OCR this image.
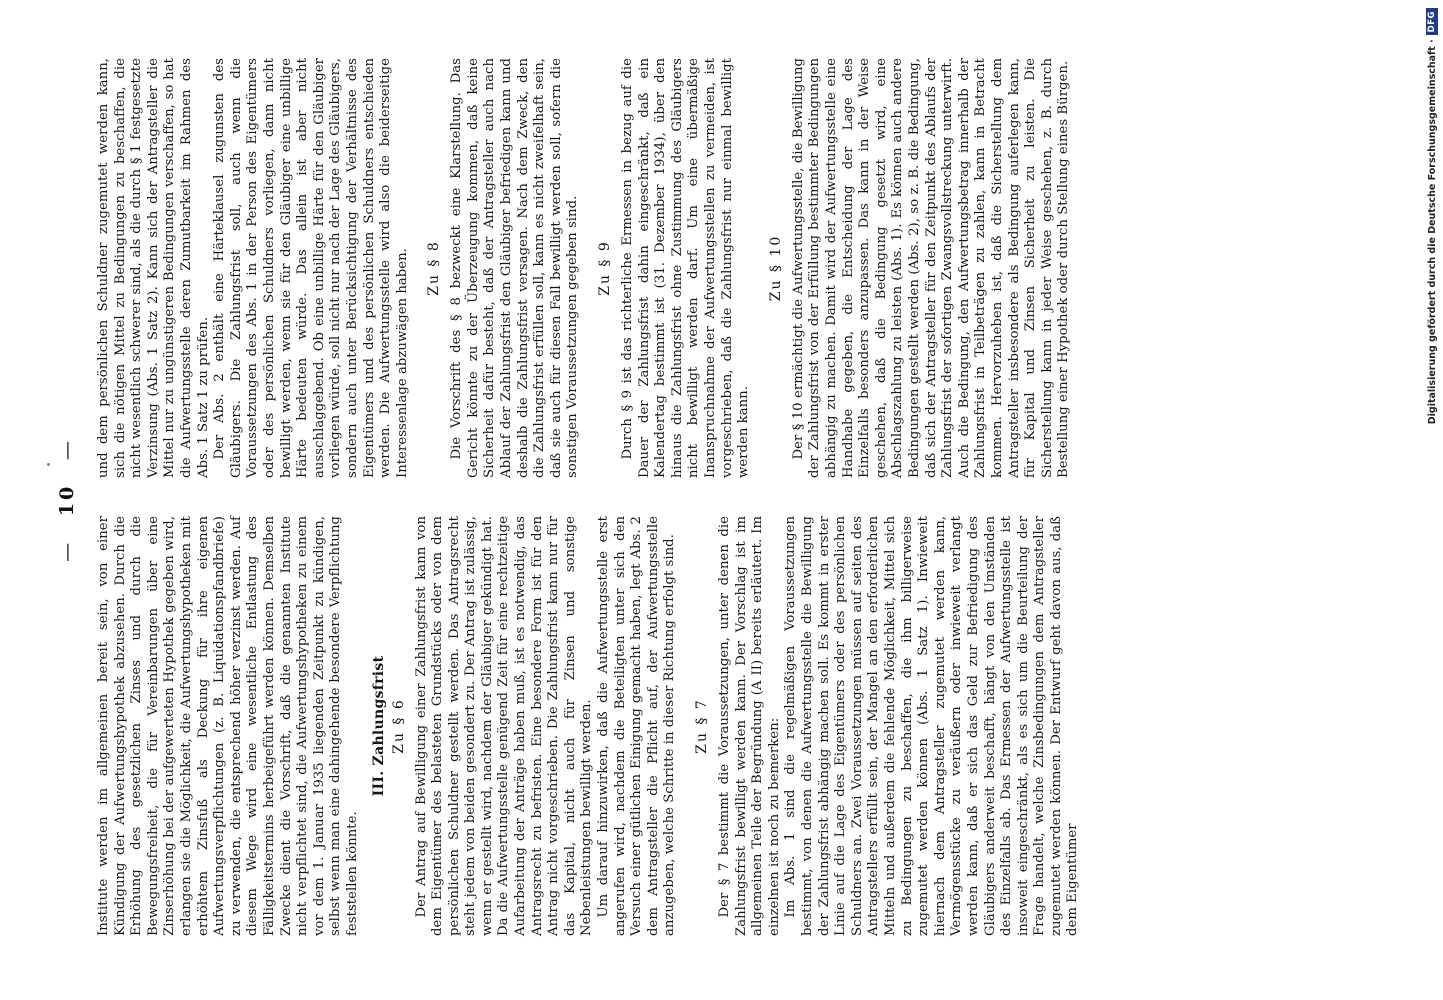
— 10 —

Institute werden im allgemeinen bereit sein, von einer Kündigung der Aufwertungshypothek abzusehen. Durch die Erhöhung des gesetzlichen Zinses und durch die Bewegungsfreiheit, die für Vereinbarungen über eine Zinserhöhung bei der aufgewerteten Hypothek gegeben wird, erlangen sie die Möglichkeit, die Aufwertungshypotheken mit erhöhtem Zinsfuß als Deckung für ihre eigenen Aufwertungsverpflichtungen (z. B. Liquidationspfandbriefe) zu verwenden, die entsprechend höher verzinst werden. Auf diesem Wege wird eine wesentliche Entlastung des Fälligkeitstermins herbeigeführt werden können. Demselben Zwecke dient die Vorschrift, daß die genannten Institute nicht verpflichtet sind, die Aufwertungshypotheken zu einem vor dem 1. Januar 1935 liegenden Zeitpunkt zu kündigen, selbst wenn man eine dahingehende besondere Verpflichtung feststellen könnte.

III. Zahlungsfrist Zu § 6 Der Antrag auf Bewilligung einer Zahlungsfrist kann von dem Eigentümer des belasteten Grundstücks oder von dem persönlichen Schuldner gestellt werden. Das Antragsrecht steht jedem von beiden gesondert zu. Der Antrag ist zulässig, wenn er gestellt wird, nachdem der Gläubiger gekündigt hat. Da die Aufwertungsstelle genügend Zeit für eine rechtzeitige Aufarbeitung der Anträge haben muß, ist es notwendig, das Antragsrecht zu befristen. Eine besondere Form ist für den Antrag nicht vorgeschrieben. Die Zahlungsfrist kann nur für das Kapital, nicht auch für Zinsen und sonstige Nebenleistungen bewilligt werden. Um darauf hinzuwirken, daß die Aufwertungsstelle erst angerufen wird, nachdem die Beteiligten unter sich den Versuch einer gütlichen Einigung gemacht haben, legt Abs. 2 dem Antragsteller die Pflicht auf, der Aufwertungsstelle anzugeben, welche Schritte in dieser Richtung erfolgt sind. Zu § 7 Der § 7 bestimmt die Voraussetzungen, unter denen die Zahlungsfrist bewilligt werden kann. Der Vorschlag ist im allgemeinen Teile der Begründung (A II) bereits erläutert. Im einzelnen ist noch zu bemerken: Im Abs. 1 sind die regelmäßigen Voraussetzungen bestimmt, von denen die Aufwertungsstelle die Bewilligung der Zahlungsfrist abhängig machen soll. Es kommt in erster Linie auf die Lage des Eigentümers oder des persönlichen Schuldners an. Zwei Voraussetzungen müssen auf seiten des Antragstellers erfüllt sein, der Mangel an den erforderlichen Mitteln und außerdem die fehlende Möglichkeit, Mittel sich zu Bedingungen zu beschaffen, die ihm billigerweise zugemutet werden können (Abs. 1 Satz 1). Inwieweit hiernach dem Antragsteller zugemutet werden kann, Vermögensstücke zu veräußern oder inwieweit verlangt werden kann, daß er sich das Geld zur Befriedigung des Gläubigers anderweit beschafft, hängt von den Umständen des Einzelfalls ab. Das Ermessen der Aufwertungsstelle ist insoweit eingeschränkt, als es sich um die Beurteilung der Frage handelt, welche Zinsbedingungen dem Antragsteller zugemutet werden können. Der Entwurf geht davon aus, daß dem Eigentümer

und dem persönlichen Schuldner zugemutet werden kann, sich die nötigen Mittel zu Bedingungen zu beschaffen, die nicht wesentlich schwerer sind, als die durch § 1 festgesetzte Verzinsung (Abs. 1 Satz 2). Kann sich der Antragsteller die Mittel nur zu ungünstigeren Bedingungen verschaffen, so hat die Aufwertungsstelle deren Zumutbarkeit im Rahmen des Abs. 1 Satz 1 zu prüfen. Der Abs. 2 enthält eine Härteklausel zugunsten des Gläubigers. Die Zahlungsfrist soll, auch wenn die Voraussetzungen des Abs. 1 in der Person des Eigentümers oder des persönlichen Schuldners vorliegen, dann nicht bewilligt werden, wenn sie für den Gläubiger eine unbillige Härte bedeuten würde. Das allein ist aber nicht ausschlaggebend. Ob eine unbillige Härte für den Gläubiger vorliegen würde, soll nicht nur nach der Lage des Gläubigers, sondern auch unter Berücksichtigung der Verhältnisse des Eigentümers und des persönlichen Schuldners entschieden werden. Die Aufwertungsstelle wird also die beiderseitige Interessenlage abzuwägen haben. Zu § 8 Die Vorschrift des § 8 bezweckt eine Klarstellung. Das Gericht könnte zu der Überzeugung kommen, daß keine Sicherheit dafür besteht, daß der Antragsteller auch nach Ablauf der Zahlungsfrist den Gläubiger befriedigen kann und deshalb die Zahlungsfrist versagen. Nach dem Zweck, den die Zahlungsfrist erfüllen soll, kann es nicht zweifelhaft sein, daß sie auch für diesen Fall bewilligt werden soll, sofern die sonstigen Voraussetzungen gegeben sind. Zu § 9 Durch § 9 ist das richterliche Ermessen in bezug auf die Dauer der Zahlungsfrist dahin eingeschränkt, daß ein Kalendertag bestimmt ist (31. Dezember 1934), über den hinaus die Zahlungsfrist ohne Zustimmung des Gläubigers nicht bewilligt werden darf. Um eine übermäßige Inanspruchnahme der Aufwertungsstellen zu vermeiden, ist vorgeschrieben, daß die Zahlungsfrist nur einmal bewilligt werden kann.

Zu § 10 Der § 10 ermächtigt die Aufwertungsstelle, die Bewilligung der Zahlungsfrist von der Erfüllung bestimmter Bedingungen abhängig zu machen. Damit wird der Aufwertungsstelle eine Handhabe gegeben, die Entscheidung der Lage des Einzelfalls besonders anzupassen. Das kann in der Weise geschehen, daß die Bedingung gesetzt wird, eine Abschlagszahlung zu leisten (Abs. 1). Es können auch andere Bedingungen gestellt werden (Abs. 2), so z. B. die Bedingung, daß sich der Antragsteller für den Zeitpunkt des Ablaufs der Zahlungsfrist der sofortigen Zwangsvollstreckung unterwirft. Auch die Bedingung, den Aufwertungsbetrag innerhalb der Zahlungsfrist in Teilbeträgen zu zahlen, kann in Betracht kommen. Hervorzuheben ist, daß die Sicherstellung dem Antragsteller insbesondere als Bedingung auferlegen kann, für Kapital und Zinsen Sicherheit zu leisten. Die Sicherstellung kann in jeder Weise geschehen, z. B. durch Bestellung einer Hypothek oder durch Stellung eines Bürgen.	Digitalisierung gefördert durch die Deutsche Forschungsgemeinschaft ·
DFG
